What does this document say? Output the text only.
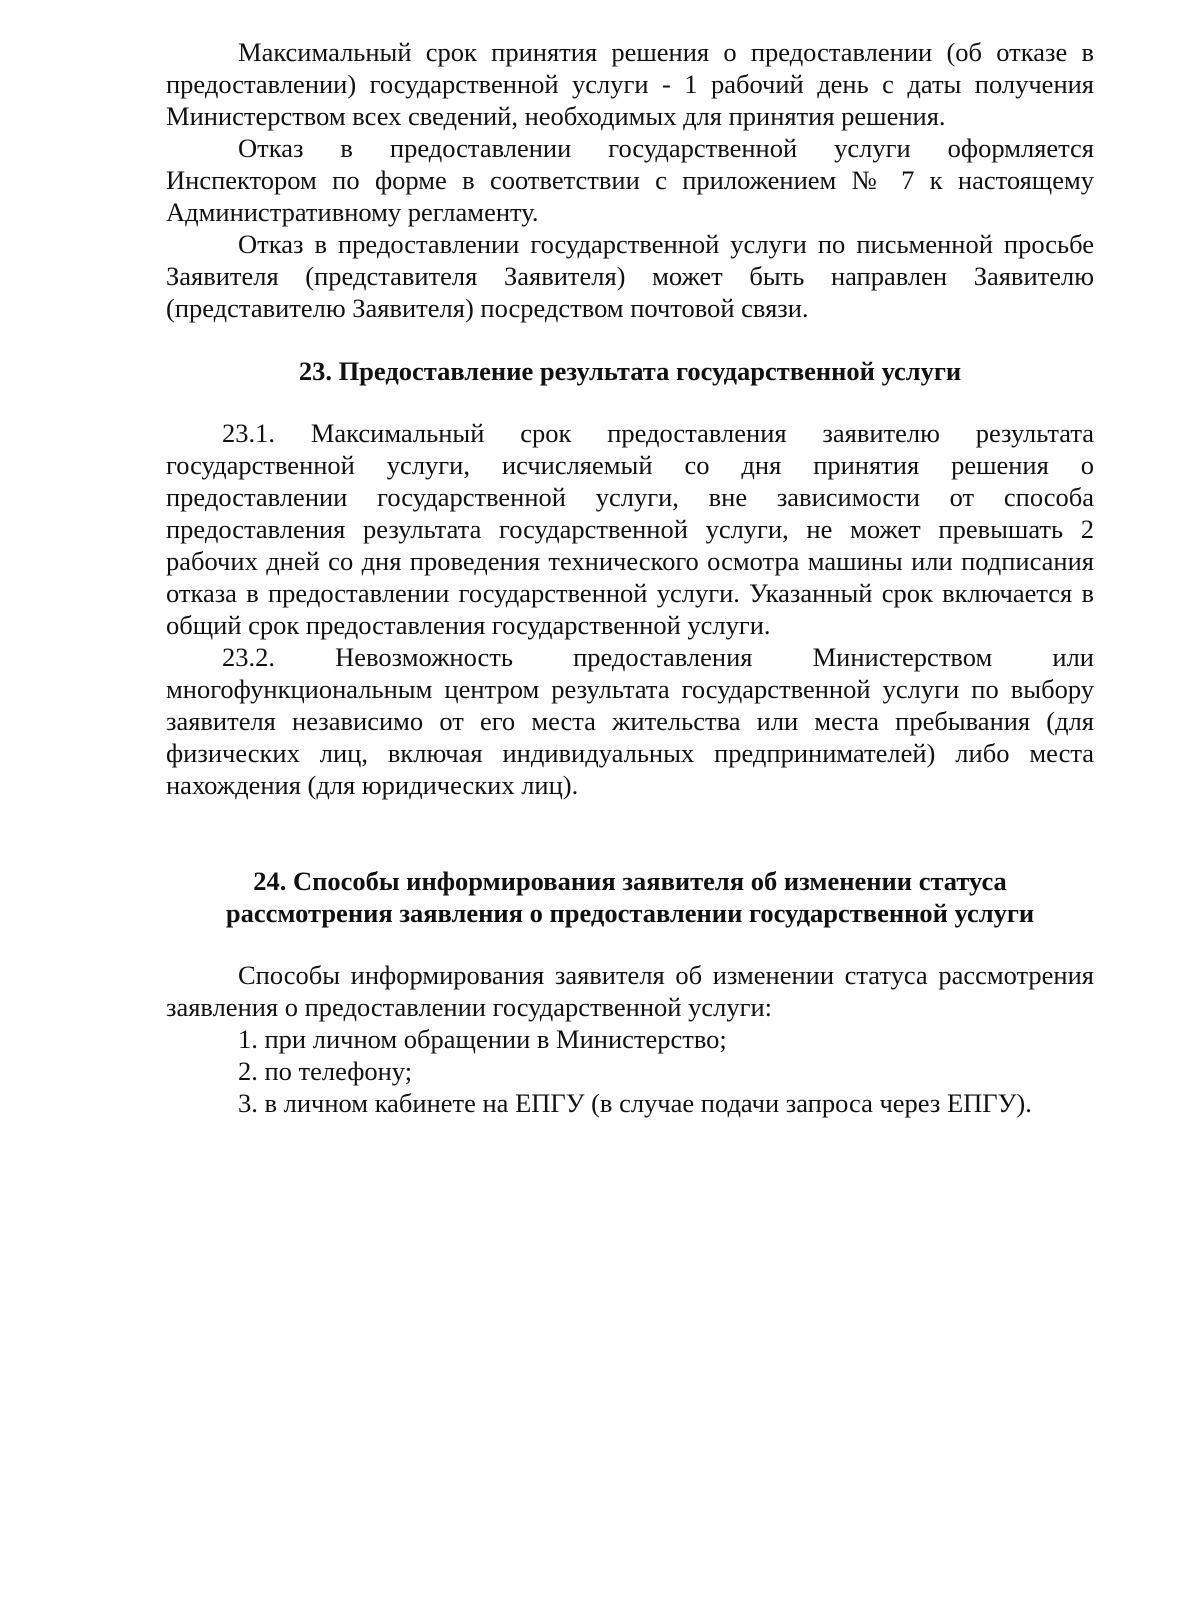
Максимальный срок принятия решения о предоставлении (об отказе в предоставлении) государственной услуги - 1 рабочий день с даты получения Министерством всех сведений, необходимых для принятия решения.

Отказ в предоставлении государственной услуги оформляется Инспектором по форме в соответствии с приложением № 7 к настоящему Административному регламенту.

Отказ в предоставлении государственной услуги по письменной просьбе Заявителя (представителя Заявителя) может быть направлен Заявителю (представителю Заявителя) посредством почтовой связи.

23. Предоставление результата государственной услуги

23.1. Максимальный срок предоставления заявителю результата государственной услуги, исчисляемый со дня принятия решения о предоставлении государственной услуги, вне зависимости от способа предоставления результата государственной услуги, не может превышать 2 рабочих дней со дня проведения технического осмотра машины или подписания отказа в предоставлении государственной услуги. Указанный срок включается в общий срок предоставления государственной услуги.

23.2. Невозможность предоставления Министерством или многофункциональным центром результата государственной услуги по выбору заявителя независимо от его места жительства или места пребывания (для физических лиц, включая индивидуальных предпринимателей) либо места нахождения (для юридических лиц).

24. Способы информирования заявителя об изменении статуса
рассмотрения заявления о предоставлении государственной услуги

Способы информирования заявителя об изменении статуса рассмотрения заявления о предоставлении государственной услуги:

1. при личном обращении в Министерство;
2. по телефону;
3. в личном кабинете на ЕПГУ (в случае подачи запроса через ЕПГУ).
